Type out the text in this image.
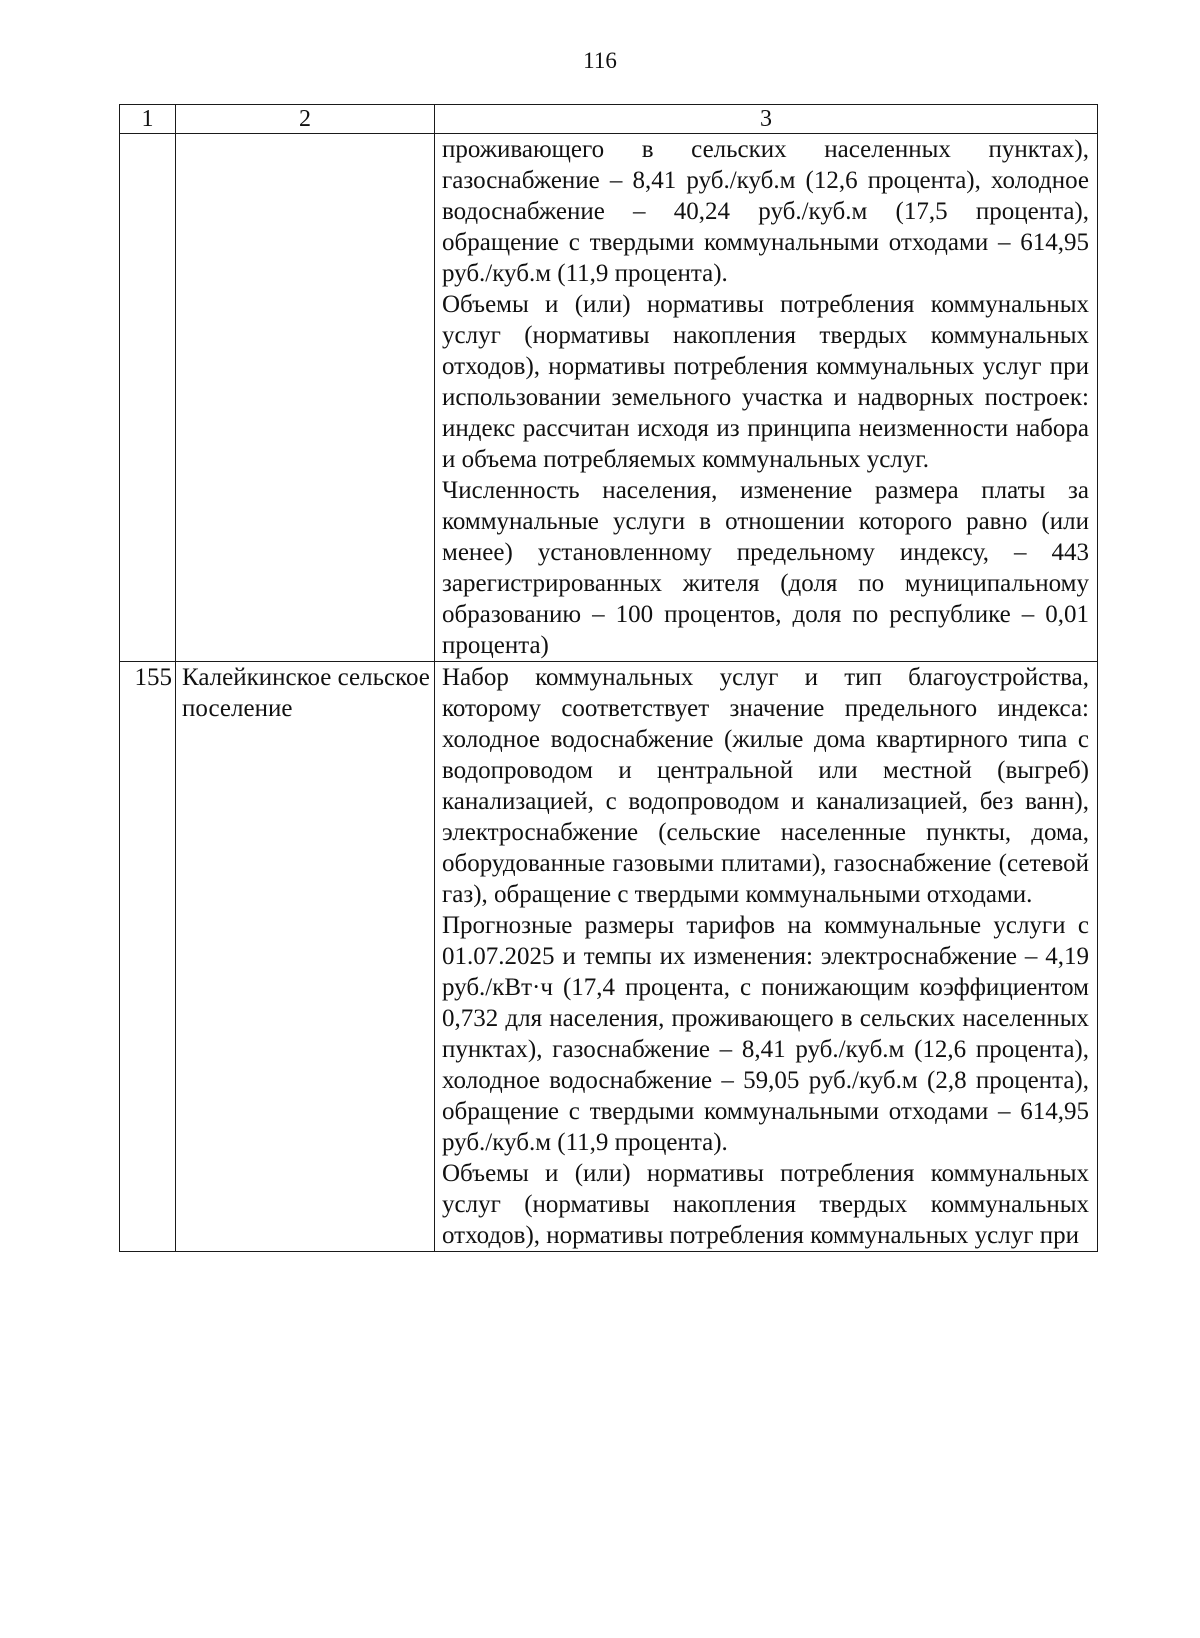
116
1	2	3

		проживающего в сельских населенных пунктах), газоснабжение – 8,41 руб./куб.м (12,6 процента), холодное водоснабжение – 40,24 руб./куб.м (17,5 процента), обращение с твердыми коммунальными отходами – 614,95 руб./куб.м (11,9 процента).

Объемы и (или) нормативы потребления коммунальных услуг (нормативы накопления твердых коммунальных отходов), нормативы потребления коммунальных услуг при использовании земельного участка и надворных построек: индекс рассчитан исходя из принципа неизменности набора и объема потребляемых коммунальных услуг.

Численность населения, изменение размера платы за коммунальные услуги в отношении которого равно (или менее) установленному предельному индексу, – 443 зарегистрированных жителя (доля по муниципальному образованию – 100 процентов, доля по республике – 0,01 процента)

155	Калейкинское сельское поселение	Набор коммунальных услуг и тип благоустройства, которому соответствует значение предельного индекса: холодное водоснабжение (жилые дома квартирного типа с водопроводом и центральной или местной (выгреб) канализацией, с водопроводом и канализацией, без ванн), электроснабжение (сельские населенные пункты, дома, оборудованные газовыми плитами), газоснабжение (сетевой газ), обращение с твердыми коммунальными отходами.

Прогнозные размеры тарифов на коммунальные услуги с 01.07.2025 и темпы их изменения: электроснабжение – 4,19 руб./кВт·ч (17,4 процента, с понижающим коэффициентом 0,732 для населения, проживающего в сельских населенных пунктах), газоснабжение – 8,41 руб./куб.м (12,6 процента), холодное водоснабжение – 59,05 руб./куб.м (2,8 процента), обращение с твердыми коммунальными отходами – 614,95 руб./куб.м (11,9 процента).

Объемы и (или) нормативы потребления коммунальных услуг (нормативы накопления твердых коммунальных отходов), нормативы потребления коммунальных услуг при
